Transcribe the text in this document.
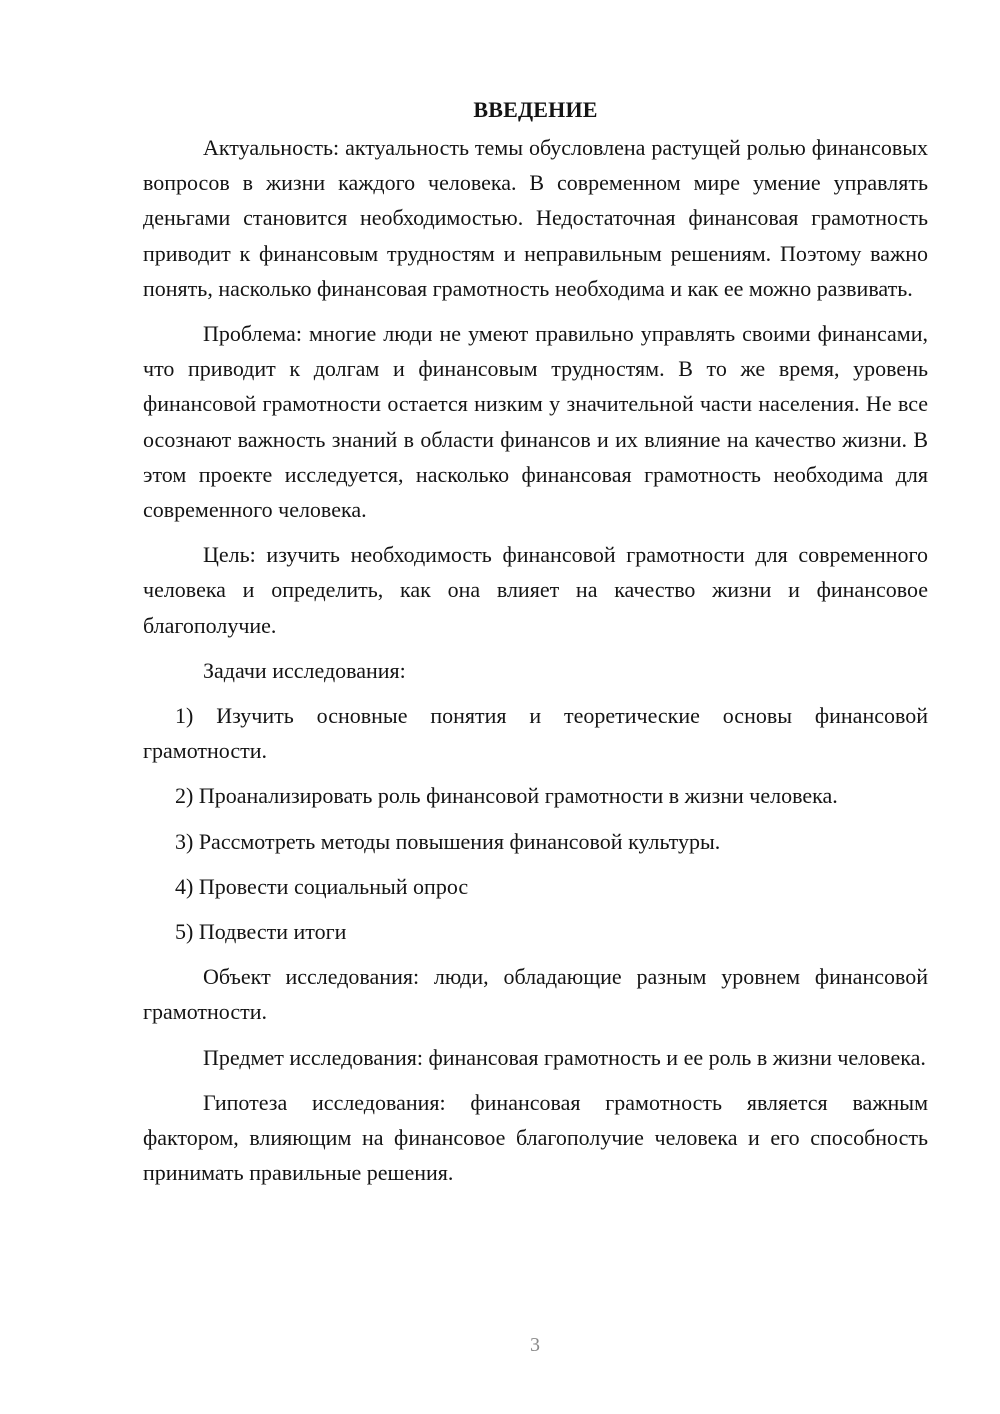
ВВЕДЕНИЕ

Актуальность: актуальность темы обусловлена растущей ролью финансовых вопросов в жизни каждого человека. В современном мире умение управлять деньгами становится необходимостью. Недостаточная финансовая грамотность приводит к финансовым трудностям и неправильным решениям. Поэтому важно понять, насколько финансовая грамотность необходима и как ее можно развивать.

Проблема: многие люди не умеют правильно управлять своими финансами, что приводит к долгам и финансовым трудностям. В то же время, уровень финансовой грамотности остается низким у значительной части населения. Не все осознают важность знаний в области финансов и их влияние на качество жизни. В этом проекте исследуется, насколько финансовая грамотность необходима для современного человека.

Цель: изучить необходимость финансовой грамотности для современного человека и определить, как она влияет на качество жизни и финансовое благополучие.

Задачи исследования:

1) Изучить основные понятия и теоретические основы финансовой грамотности.

2) Проанализировать роль финансовой грамотности в жизни человека.

3) Рассмотреть методы повышения финансовой культуры.

4) Провести социальный опрос

5) Подвести итоги

Объект исследования: люди, обладающие разным уровнем финансовой грамотности.

Предмет исследования: финансовая грамотность и ее роль в жизни человека.

Гипотеза исследования: финансовая грамотность является важным фактором, влияющим на финансовое благополучие человека и его способность принимать правильные решения.

3
